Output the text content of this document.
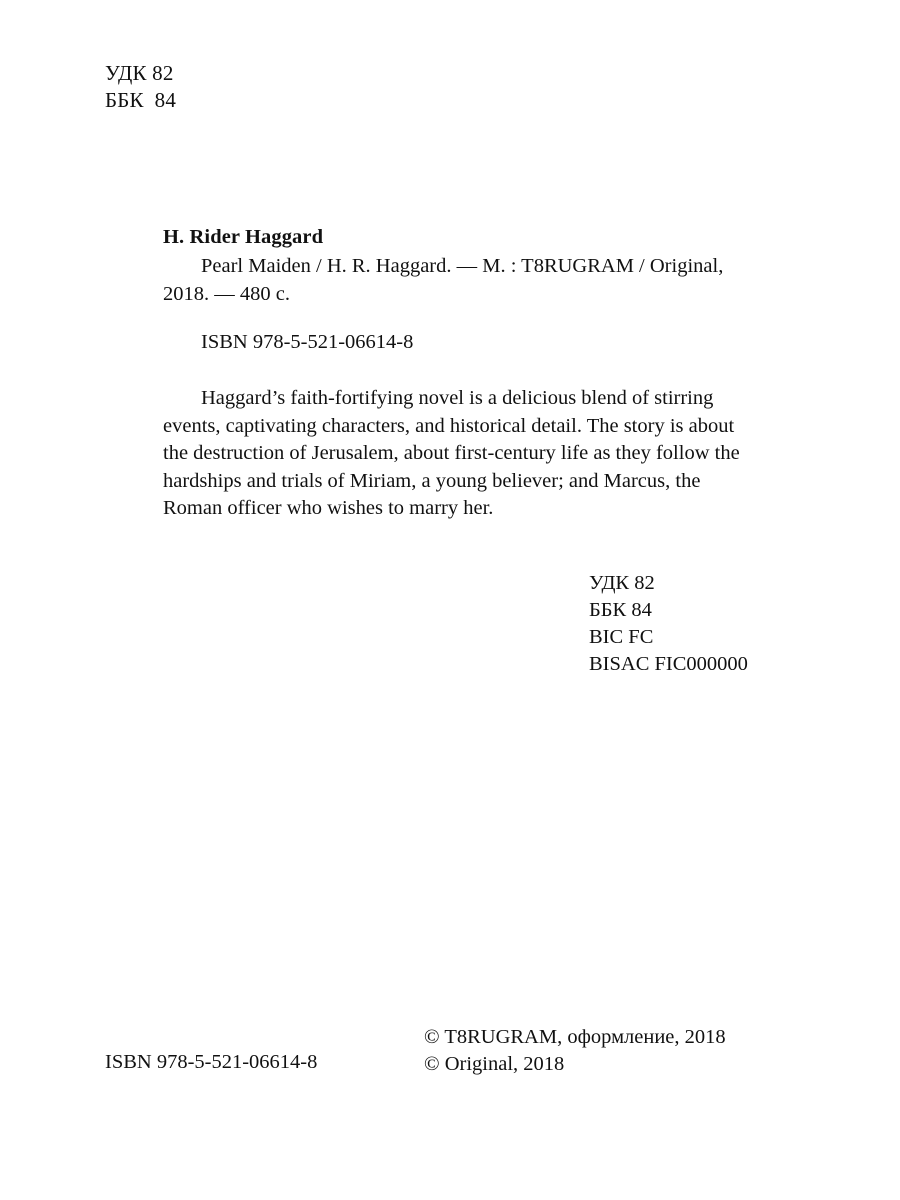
УДК 82
ББК  84
H. Rider Haggard
Pearl Maiden / H. R. Haggard. — M. : T8RUGRAM / Original, 2018. — 480 c.
ISBN 978-5-521-06614-8
Haggard’s faith-fortifying novel is a delicious blend of stirring events, captivating characters, and historical detail. The story is about the destruction of Jerusalem, about first-century life as they follow the hardships and trials of Miriam, a young believer; and Marcus, the Roman officer who wishes to marry her.
УДК 82
ББК 84
BIC FC
BISAC FIC000000
ISBN 978-5-521-06614-8
© T8RUGRAM, оформление, 2018
© Original, 2018
